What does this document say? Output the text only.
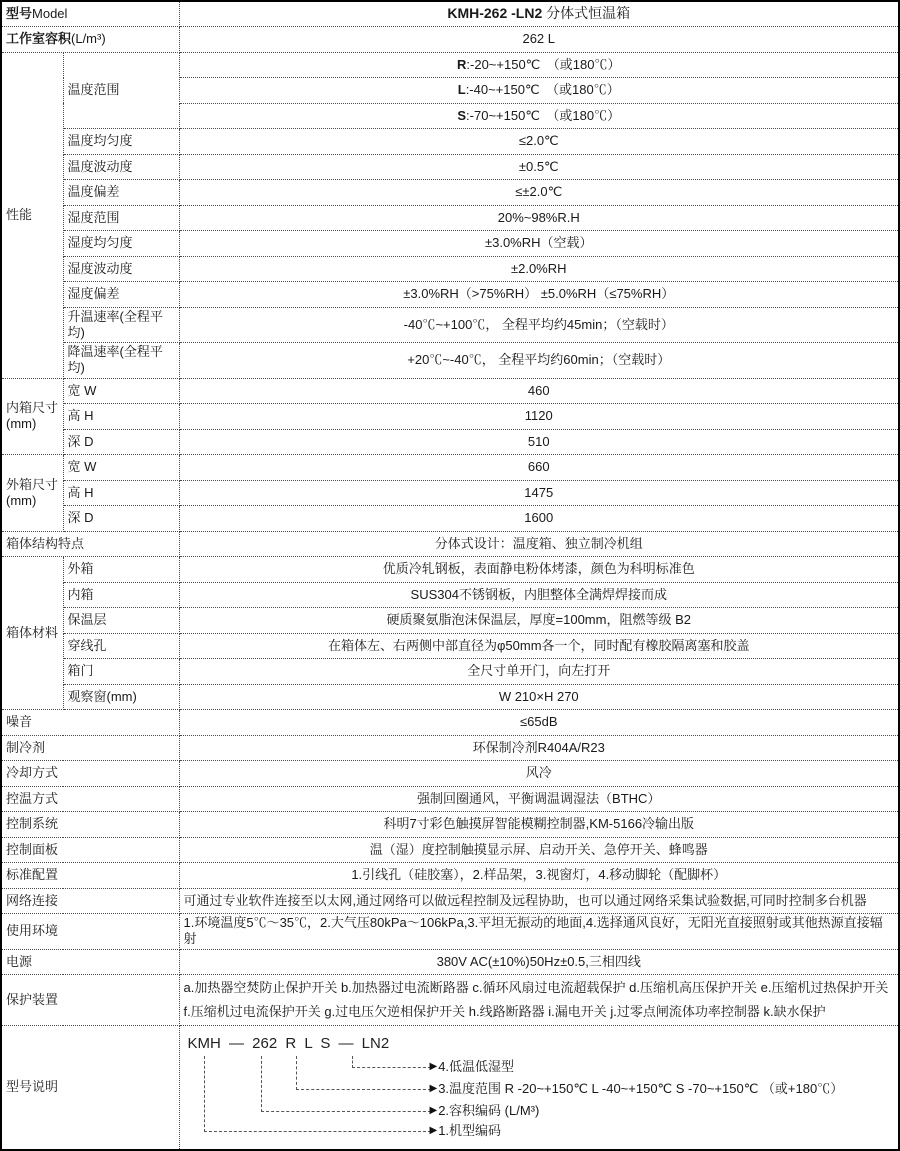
型号Model		KMH-262 -LN2 分体式恒温箱
工作室容积(L/m³)		262 L
性能	温度范围	R:-20~+150℃　（或180℃）
		L:-40~+150℃　（或180℃）
		S:-70~+150℃　（或180℃）
	温度均匀度	≤2.0℃
	温度波动度	±0.5℃
	温度偏差	≤±2.0℃
	湿度范围	20%~98%R.H
	湿度均匀度	±3.0%RH（空载）
	湿度波动度	±2.0%RH
	湿度偏差	±3.0%RH（>75%RH） ±5.0%RH（≤75%RH）
	升温速率(全程平均)	-40℃~+100℃， 全程平均约45min；（空载时）
	降温速率(全程平均)	+20℃~-40℃， 全程平均约60min；（空载时）
内箱尺寸 (mm)	宽 W	460
	高 H	1120
	深 D	510
外箱尺寸 (mm)	宽 W	660
	高 H	1475
	深 D	1600
箱体结构特点		分体式设计：温度箱、独立制冷机组
箱体材料	外箱	优质冷轧钢板，表面静电粉体烤漆，颜色为科明标准色
	内箱	SUS304不锈钢板，内胆整体全满焊焊接而成
	保温层	硬质聚氨脂泡沫保温层，厚度=100mm，阻燃等级 B2
	穿线孔	在箱体左、右两侧中部直径为φ50mm各一个，同时配有橡胶隔离塞和胶盖
	箱门	全尺寸单开门，向左打开
	观察窗(mm)	W 210×H 270
噪音		≤65dB
制冷剂		环保制冷剂R404A/R23
冷却方式		风冷
控温方式		强制回圈通风，平衡调温调湿法（BTHC）
控制系统		科明7寸彩色触摸屏智能模糊控制器,KM-5166冷输出版
控制面板		温（湿）度控制触摸显示屏、启动开关、急停开关、蜂鸣器
标准配置		1.引线孔（硅胶塞），2.样品架，3.视窗灯，4.移动脚轮（配脚杯）
网络连接		可通过专业软件连接至以太网,通过网络可以做远程控制及远程协助，也可以通过网络采集试验数据,可同时控制多台机器
使用环境		1.环境温度5℃～35℃，2.大气压80kPa～106kPa,3.平坦无振动的地面,4.选择通风良好，无阳光直接照射或其他热源直接辐射
电源		380V AC(±10%)50Hz±0.5,三相四线
保护装置		a.加热器空焚防止保护开关 b.加热器过电流断路器 c.循环风扇过电流超载保护 d.压缩机高压保护开关 e.压缩机过热保护开关
f.压缩机过电流保护开关 g.过电压欠逆相保护开关 h.线路断路器 i.漏电开关 j.过零点闸流体功率控制器 k.缺水保护

型号说明	
KMH — 262 R L S — LN2
▶ 4.低温低湿型
▶ 3.温度范围 R -20~+150℃ L -40~+150℃ S -70~+150℃ （或+180℃）
▶ 2.容积编码 (L/M³)
▶ 1.机型编码
